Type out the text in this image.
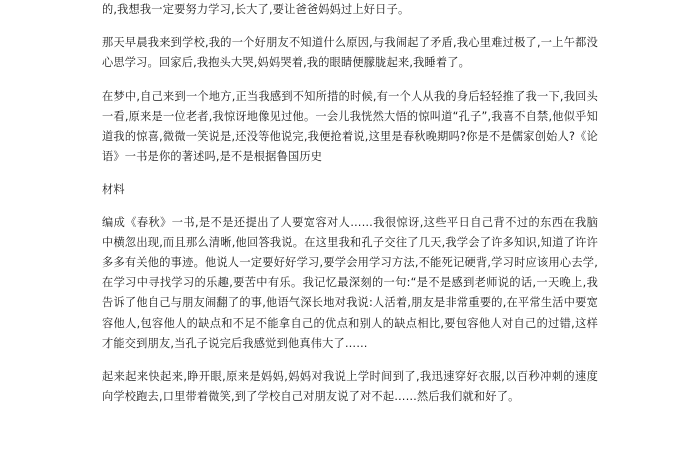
的,我想我一定要努力学习,长大了,要让爸爸妈妈过上好日子。

那天早晨我来到学校,我的一个好朋友不知道什么原因,与我闹起了矛盾,我心里难过极了,一上午都没心思学习。回家后,我抱头大哭,妈妈哭着,我的眼睛便朦胧起来,我睡着了。

在梦中,自己来到一个地方,正当我感到不知所措的时候,有一个人从我的身后轻轻推了我一下,我回头一看,原来是一位老者,我惊讶地像见过他。一会儿我恍然大悟的惊叫道“孔子”,我喜不自禁,他似乎知道我的惊喜,微微一笑说是,还没等他说完,我便抢着说,这里是春秋晚期吗?你是不是儒家创始人?《论语》一书是你的著述吗,是不是根据鲁国历史

材料

编成《春秋》一书,是不是还提出了人要宽容对人……我很惊讶,这些平日自己背不过的东西在我脑中横忽出现,而且那么清晰,他回答我说。在这里我和孔子交往了几天,我学会了许多知识,知道了许许多多有关他的事迹。他说人一定要好好学习,要学会用学习方法,不能死记硬背,学习时应该用心去学,在学习中寻找学习的乐趣,要苦中有乐。我记忆最深刻的一句:“是不是感到老师说的话,一天晚上,我告诉了他自己与朋友闹翻了的事,他语气深长地对我说:人活着,朋友是非常重要的,在平常生活中要宽容他人,包容他人的缺点和不足不能拿自己的优点和别人的缺点相比,要包容他人对自己的过错,这样才能交到朋友,当孔子说完后我感觉到他真伟大了……

起来起来快起来,睁开眼,原来是妈妈,妈妈对我说上学时间到了,我迅速穿好衣服,以百秒冲刺的速度向学校跑去,口里带着微笑,到了学校自己对朋友说了对不起……然后我们就和好了。
